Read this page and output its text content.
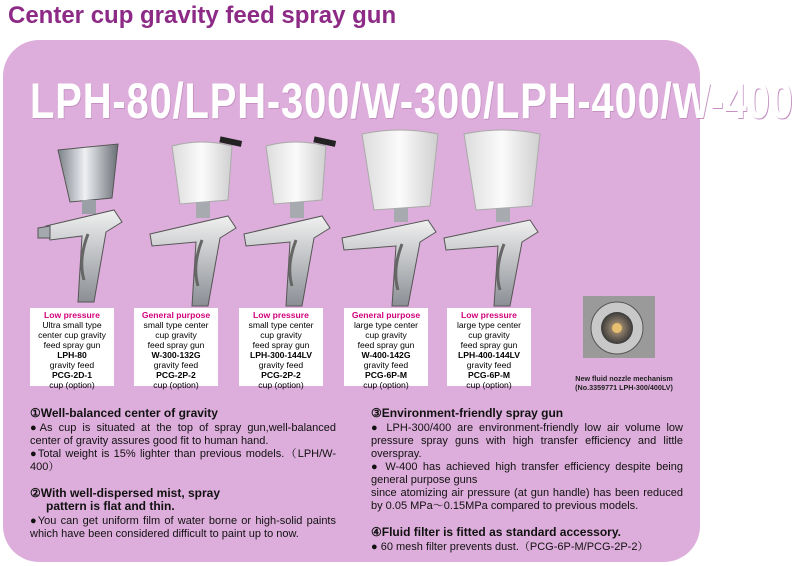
Center cup gravity feed spray gun
LPH-80/LPH-300/W-300/LPH-400/W-400
Low pressure
Ultra small type
center cup gravity
feed spray gun
LPH-80
gravity feed
PCG-2D-1
cup (option)
General purpose
small type center
cup gravity
feed spray gun
W-300-132G
gravity feed
PCG-2P-2
cup (option)
Low pressure
small type center
cup gravity
feed spray gun
LPH-300-144LV
gravity feed
PCG-2P-2
cup (option)
General purpose
large type center
cup gravity
feed spray gun
W-400-142G
gravity feed
PCG-6P-M
cup (option)
Low pressure
large type center
cup gravity
feed spray gun
LPH-400-144LV
gravity feed
PCG-6P-M
cup (option)
New fluid nozzle mechanism
(No.3359771 LPH-300/400LV)
①Well-balanced center of gravity

●As cup is situated at the top of spray gun,well-balanced center of gravity assures good fit to human hand.

●Total weight is 15% lighter than previous models.（LPH/W-400）

②With well-dispersed mist, spray
pattern is flat and thin.

●You can get uniform film of water borne or high-solid paints which have been considered difficult to paint up to now.

③Environment-friendly spray gun

● LPH-300/400 are environment-friendly low air volume low pressure spray guns with high transfer efficiency and little overspray.

● W-400 has achieved high transfer efficiency despite being general purpose guns

since atomizing air pressure (at gun handle) has been reduced by 0.05 MPa～0.15MPa compared to previous models.

④Fluid filter is fitted as standard accessory.

● 60 mesh filter prevents dust.（PCG-6P-M/PCG-2P-2）
